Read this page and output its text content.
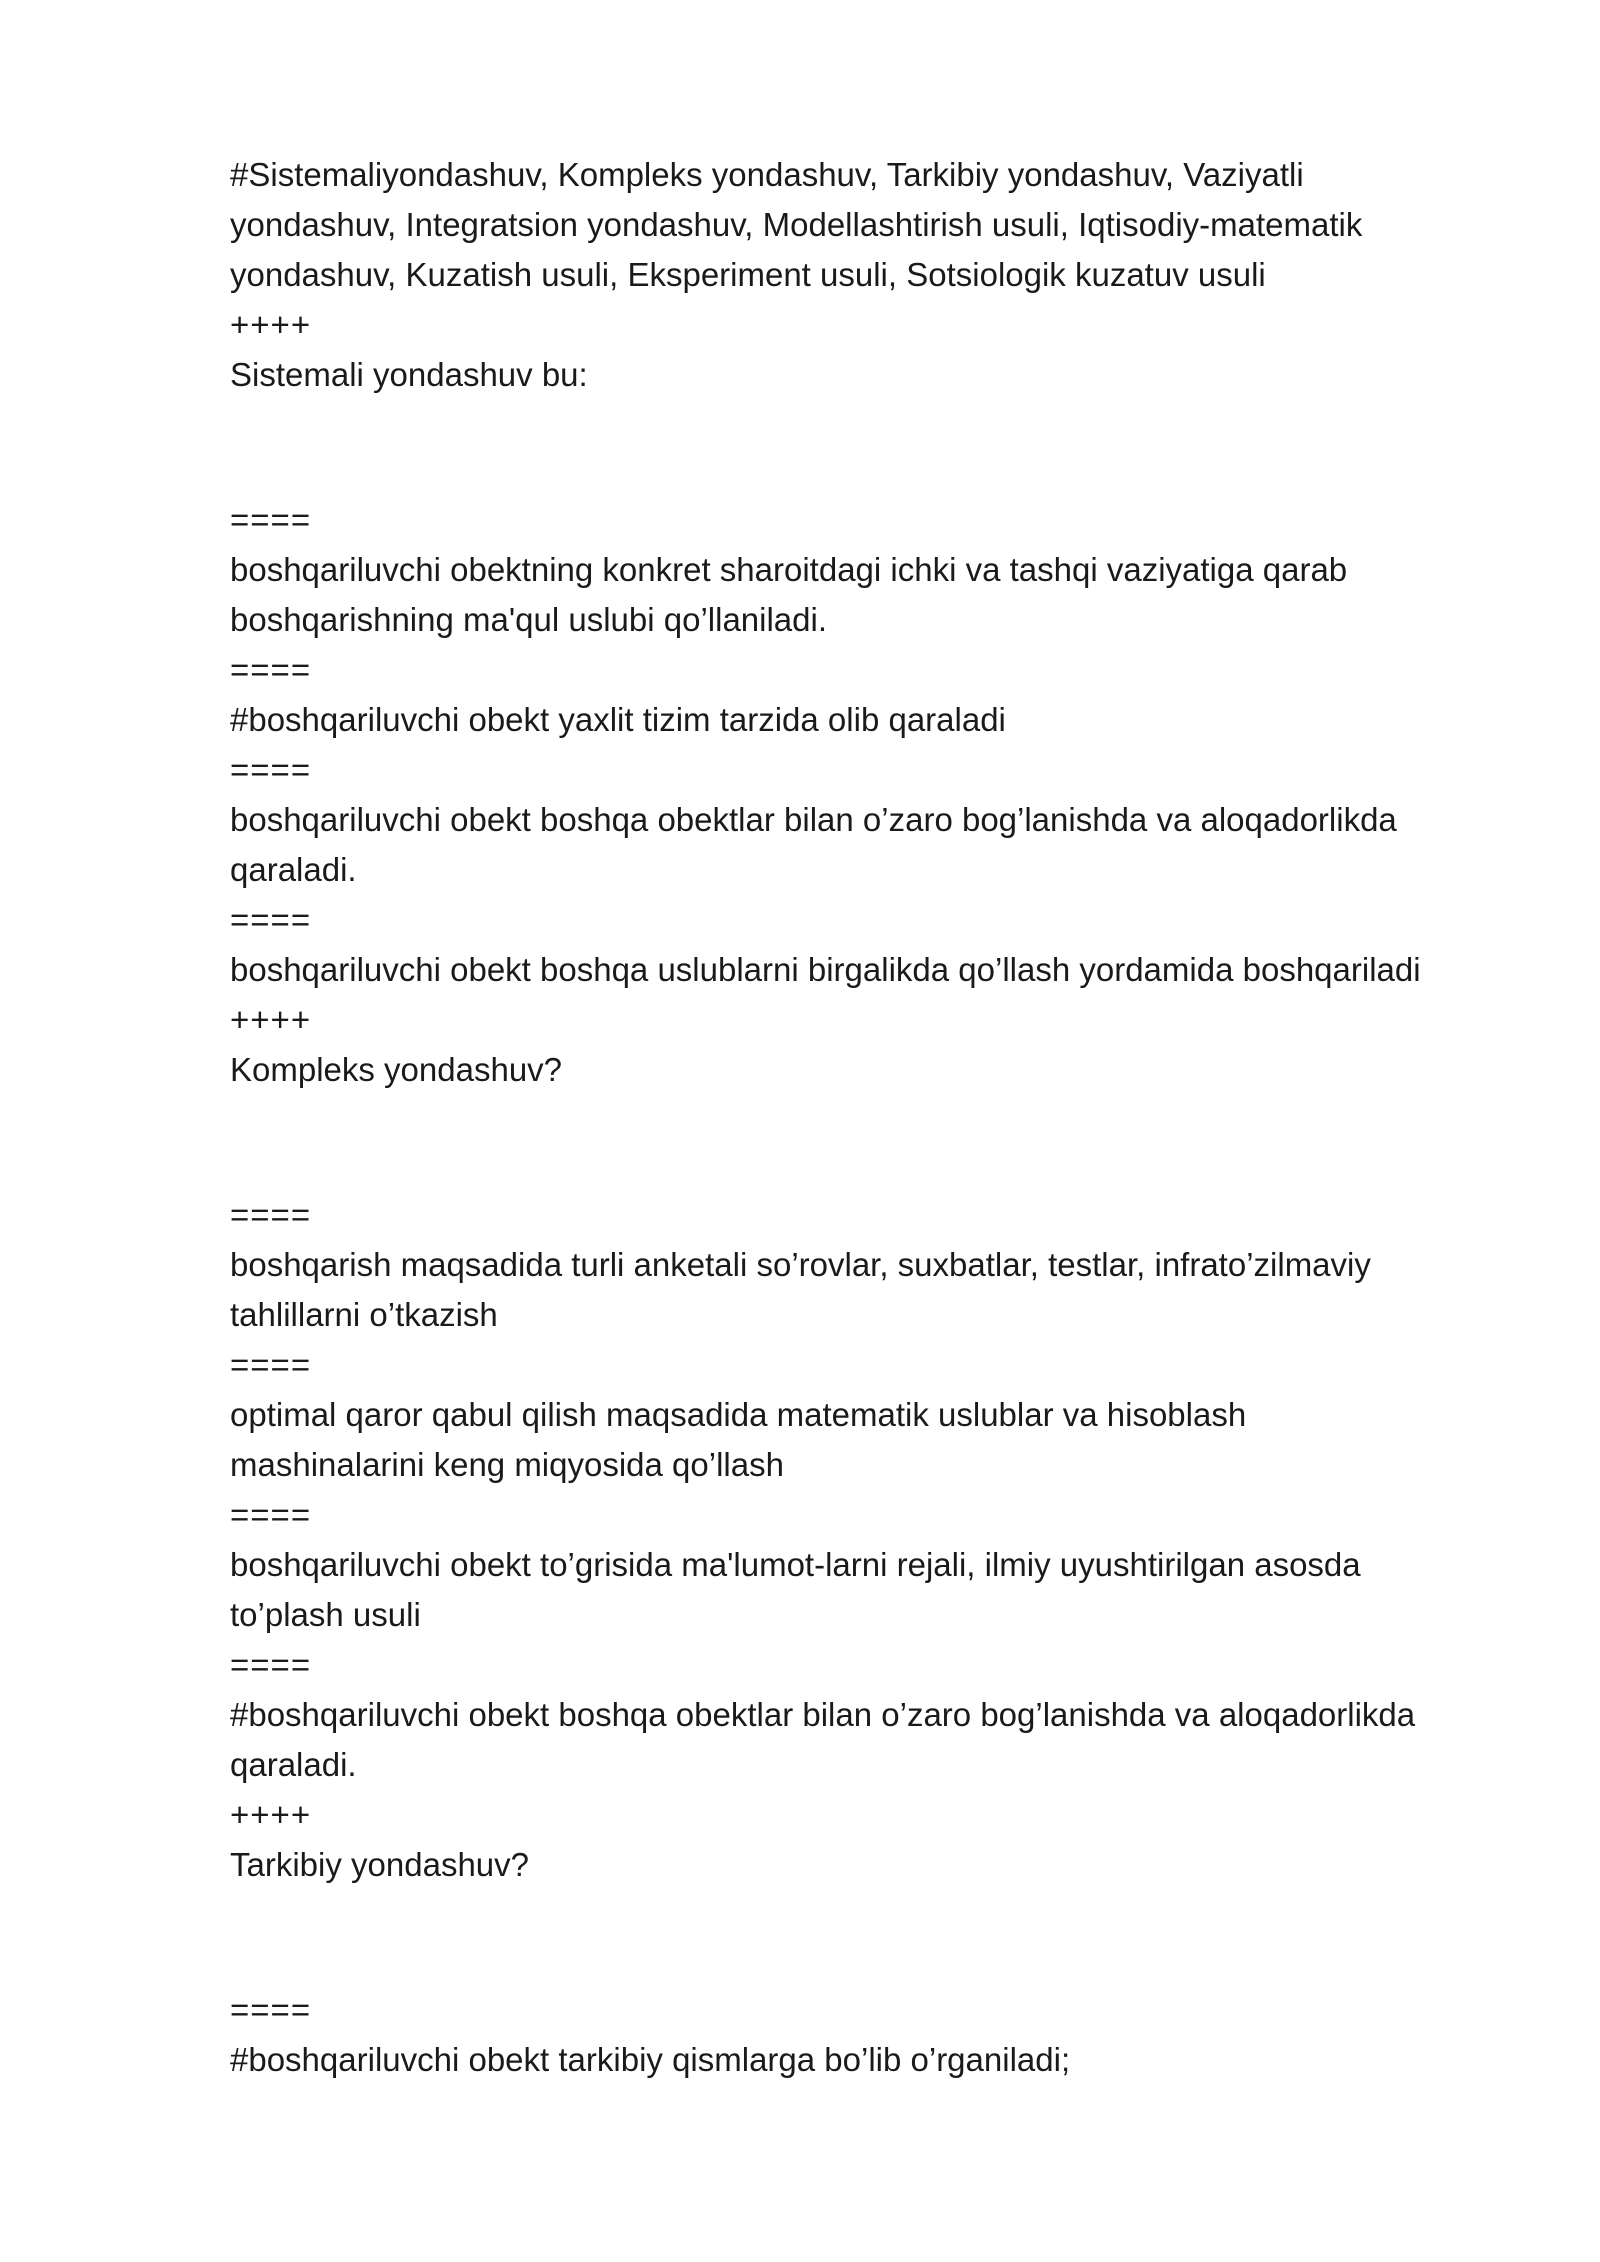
#Sistemaliyondashuv, Kompleks yondashuv, Tarkibiy yondashuv, Vaziyatli
yondashuv, Integratsion yondashuv, Modellashtirish usuli, Iqtisodiy-matematik
yondashuv, Kuzatish usuli, Eksperiment usuli, Sotsiologik kuzatuv usuli
++++
Sistemali yondashuv bu:
====
boshqariluvchi obektning konkret sharoitdagi ichki va tashqi vaziyatiga qarab
boshqarishning ma'qul uslubi qo’llaniladi.
====
#boshqariluvchi obekt yaxlit tizim tarzida olib qaraladi
====
boshqariluvchi obekt boshqa obektlar bilan o’zaro bog’lanishda va aloqadorlikda
qaraladi.
====
boshqariluvchi obekt boshqa uslublarni birgalikda qo’llash yordamida boshqariladi
++++
Kompleks yondashuv?
====
boshqarish maqsadida turli anketali so’rovlar, suxbatlar, testlar, infrato’zilmaviy
tahlillarni o’tkazish
====
optimal qaror qabul qilish maqsadida matematik uslublar va hisoblash
mashinalarini keng miqyosida qo’llash
====
boshqariluvchi obekt to’grisida ma'lumot-larni rejali, ilmiy uyushtirilgan asosda
to’plash usuli
====
#boshqariluvchi obekt boshqa obektlar bilan o’zaro bog’lanishda va aloqadorlikda
qaraladi.
++++
Tarkibiy yondashuv?
====
#boshqariluvchi obekt tarkibiy qismlarga bo’lib o’rganiladi;
